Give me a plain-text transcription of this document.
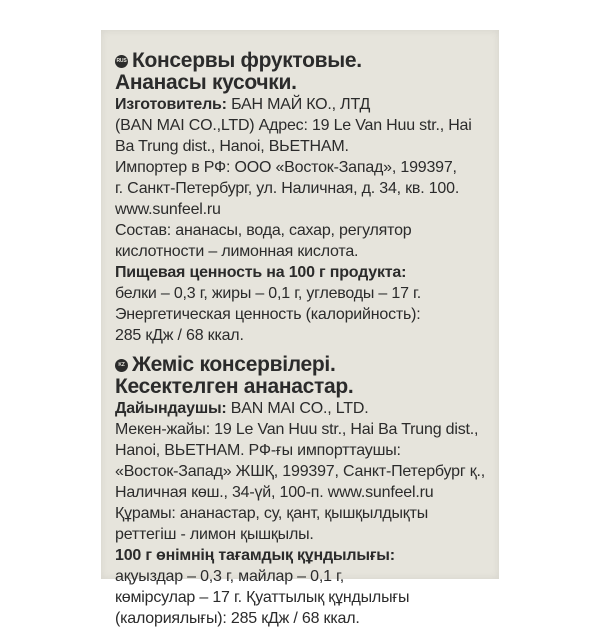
RUS Консервы фруктовые.
Ананасы кусочки.
Изготовитель: БАН МАЙ КО., ЛТД
(BAN MAI CO.,LTD) Адрес: 19 Le Van Huu str., Hai
Ba Trung dist., Hanoi, ВЬЕТНАМ.
Импортер в РФ: ООО «Восток-Запад», 199397,
г. Санкт-Петербург, ул. Наличная, д. 34, кв. 100.
www.sunfeel.ru
Состав: ананасы, вода, сахар, регулятор
кислотности – лимонная кислота.
Пищевая ценность на 100 г продукта:
белки – 0,3 г, жиры – 0,1 г, углеводы – 17 г.
Энергетическая ценность (калорийность):
285 кДж / 68 ккал.
KZ Жеміс консервілері.
Кесектелген ананастар.
Дайындаушы: BAN MAI CO., LTD.
Мекен-жайы: 19 Le Van Huu str., Hai Ba Trung dist.,
Hanoi, ВЬЕТНАМ. РФ-ғы импорттаушы:
«Восток-Запад» ЖШҚ, 199397, Санкт-Петербург қ.,
Наличная көш., 34-үй, 100-п. www.sunfeel.ru
Құрамы: ананастар, су, қант, қышқылдықты
реттегіш - лимон қышқылы.
100 г өнімнің тағамдық құндылығы:
ақуыздар – 0,3 г, майлар – 0,1 г,
көмірсулар – 17 г. Қуаттылық құндылығы
(калориялығы): 285 кДж / 68 ккал.
